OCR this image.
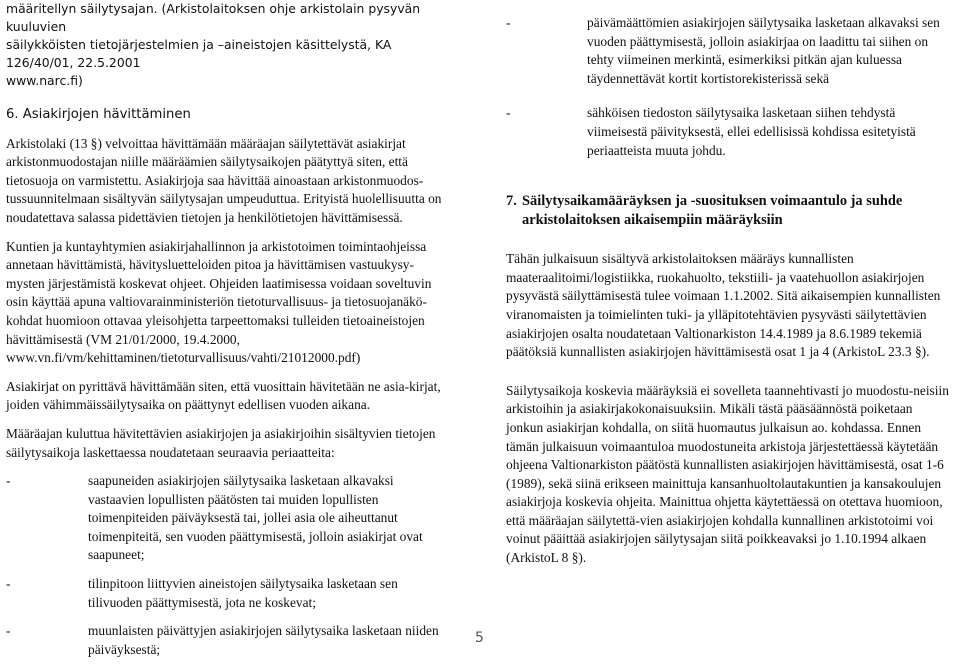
määritellyn säilytysajan. (Arkistolaitoksen ohje arkistolain pysyvän kuuluvien

säilykköisten tietojärjestelmien ja –aineistojen käsittelystä, KA 126/40/01, 22.5.2001

www.narc.fi)

6. Asiakirjojen hävittäminen

Arkistolaki (13 §) velvoittaa hävittämään määräajan säilytettävät asiakirjat arkistonmuodostajan niille määräämien säilytysaikojen päätyttyä siten, että tietosuoja on varmistettu. Asiakirjoja saa hävittää ainoastaan arkistonmuodos-tussuunnitelmaan sisältyvän säilytysajan umpeuduttua. Erityistä huolellisuutta on noudatettava salassa pidettävien tietojen ja henkilötietojen hävittämisessä.

Kuntien ja kuntayhtymien asiakirjahallinnon ja arkistotoimen toimintaohjeissa annetaan hävittämistä, hävitysluetteloiden pitoa ja hävittämisen vastuukysy-mysten järjestämistä koskevat ohjeet. Ohjeiden laatimisessa voidaan soveltuvin osin käyttää apuna valtiovarainministeriön tietoturvallisuus- ja tietosuojanäkö-kohdat huomioon ottavaa yleisohjetta tarpeettomaksi tulleiden tietoaineistojen hävittämisestä (VM 21/01/2000, 19.4.2000, www.vn.fi/vm/kehittaminen/tietoturvallisuus/vahti/21012000.pdf)

Asiakirjat on pyrittävä hävittämään siten, että vuosittain hävitetään ne asia-kirjat, joiden vähimmäissäilytysaika on päättynyt edellisen vuoden aikana.

Määräajan kuluttua hävitettävien asiakirjojen ja asiakirjoihin sisältyvien tietojen säilytysaikoja laskettaessa noudatetaan seuraavia periaatteita:

-	saapuneiden asiakirjojen säilytysaika lasketaan alkavaksi vastaavien lopullisten päätösten tai muiden lopullisten toimenpiteiden päiväyksestä tai, jollei asia ole aiheuttanut toimenpiteitä, sen vuoden päättymisestä, jolloin asiakirjat ovat saapuneet;
-	tilinpitoon liittyvien aineistojen säilytysaika lasketaan sen tilivuoden päättymisestä, jota ne koskevat;
-	muunlaisten päivättyjen asiakirjojen säilytysaika lasketaan niiden päiväyksestä;
-	päivämäättömien asiakirjojen säilytysaika lasketaan alkavaksi sen vuoden päättymisestä, jolloin asiakirjaa on laadittu tai siihen on tehty viimeinen merkintä, esimerkiksi pitkän ajan kuluessa täydennettävät kortit kortistorekisterissä sekä
-	sähköisen tiedoston säilytysaika lasketaan siihen tehdystä viimeisestä päivityksestä, ellei edellisissä kohdissa esitetyistä periaatteista muuta johdu.
7. Säilytysaikamääräyksen ja -suosituksen voimaantulo ja suhde arkistolaitoksen aikaisempiin määräyksiin

Tähän julkaisuun sisältyvä arkistolaitoksen määräys kunnallisten maateraalitoimi/logistiikka, ruokahuolto, tekstiili- ja vaatehuollon asiakirjojen pysyvästä säilyttämisestä tulee voimaan 1.1.2002. Sitä aikaisempien kunnallisten viranomaisten ja toimielinten tuki- ja ylläpitotehtävien pysyvästi säilytettävien asiakirjojen osalta noudatetaan Valtionarkiston 14.4.1989 ja 8.6.1989 tekemiä päätöksiä kunnallisten asiakirjojen hävittämisestä osat 1 ja 4 (ArkistoL 23.3 §).

Säilytysaikoja koskevia määräyksiä ei sovelleta taannehtivasti jo muodostu-neisiin arkistoihin ja asiakirjakokonaisuuksiin. Mikäli tästä pääsäännöstä poiketaan jonkun asiakirjan kohdalla, on siitä huomautus julkaisun ao. kohdassa. Ennen tämän julkaisuun voimaantuloa muodostuneita arkistoja järjestettäessä käytetään ohjeena Valtionarkiston päätöstä kunnallisten asiakirjojen hävittämisestä, osat 1-6 (1989), sekä siinä erikseen mainittuja kansanhuoltolautakuntien ja kansakoulujen asiakirjoja koskevia ohjeita. Mainittua ohjetta käytettäessä on otettava huomioon, että määräajan säilytettä-vien asiakirjojen kohdalla kunnallinen arkistotoimi voi voinut pääittää asiakirjojen säilytysajan siitä poikkeavaksi jo 1.10.1994 alkaen (ArkistoL 8 §).

5
